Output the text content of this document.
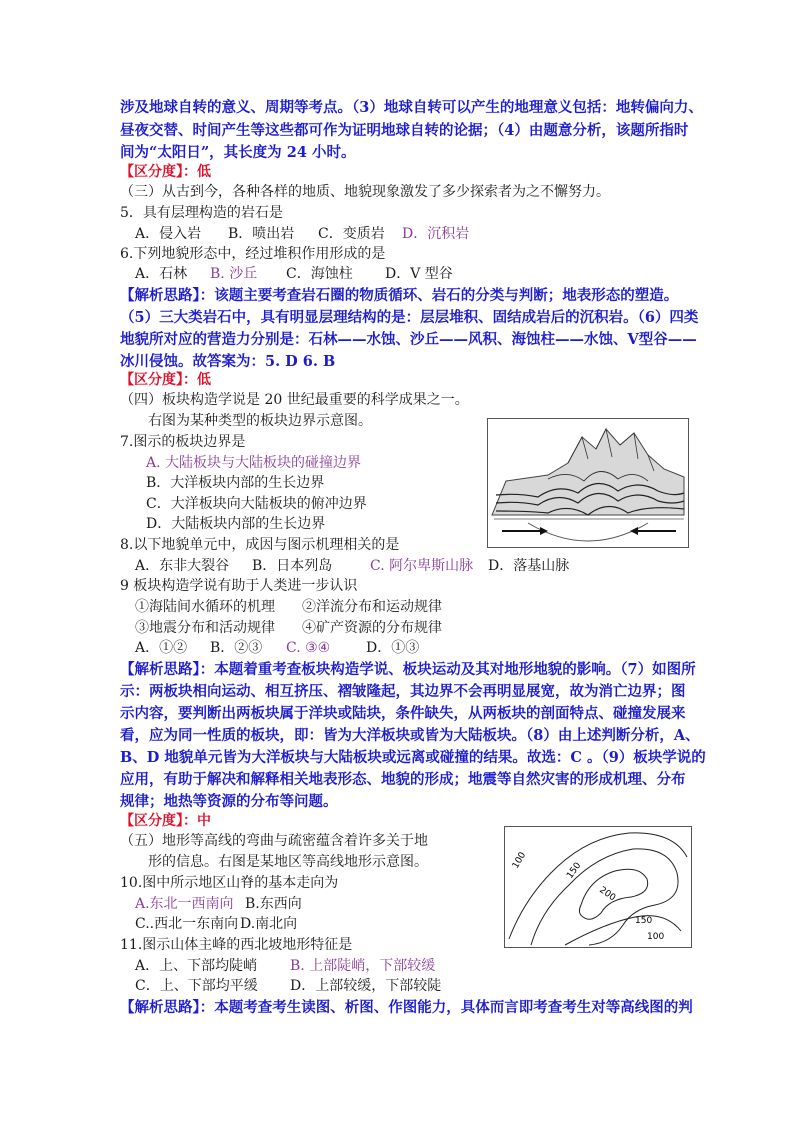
涉及地球自转的意义、周期等考点。（3）地球自转可以产生的地理意义包括：地转偏向力、
昼夜交替、时间产生等这些都可作为证明地球自转的论据；（4）由题意分析，该题所指时
间为“太阳日”，其长度为 24 小时。
【区分度】：低
（三）从古到今，各种各样的地质、地貌现象激发了多少探索者为之不懈努力。
5．具有层理构造的岩石是
A．侵入岩 B．喷出岩 C．变质岩 D．沉积岩
6.下列地貌形态中，经过堆积作用形成的是
A．石林 B. 沙丘 C．海蚀柱 D．V 型谷
【解析思路】：该题主要考查岩石圈的物质循环、岩石的分类与判断；地表形态的塑造。
（5）三大类岩石中，具有明显层理结构的是：层层堆积、固结成岩后的沉积岩。（6）四类
地貌所对应的营造力分别是：石林——水蚀、沙丘——风积、海蚀柱——水蚀、V型谷——
冰川侵蚀。故答案为：5. D 6. B
【区分度】：低
（四）板块构造学说是 20 世纪最重要的科学成果之一。
右图为某种类型的板块边界示意图。
7.图示的板块边界是
A. 大陆板块与大陆板块的碰撞边界
B．大洋板块内部的生长边界
C．大洋板块向大陆板块的俯冲边界
D．大陆板块内部的生长边界
8.以下地貌单元中，成因与图示机理相关的是
A．东非大裂谷 B．日本列岛	C. 阿尔卑斯山脉 D．落基山脉
9 板块构造学说有助于人类进一步认识
①海陆间水循环的机理 ②洋流分布和运动规律
③地震分布和活动规律 ④矿产资源的分布规律
A．①② B．②③ C. ③④	D．①③
【解析思路】：本题着重考查板块构造学说、板块运动及其对地形地貌的影响。（7）如图所
示：两板块相向运动、相互挤压、褶皱隆起，其边界不会再明显展宽，故为消亡边界；图
示内容，要判断出两板块属于洋块或陆块，条件缺失，从两板块的剖面特点、碰撞发展来
看，应为同一性质的板块，即：皆为大洋板块或皆为大陆板块。（8）由上述判断分析，A、
B、D 地貌单元皆为大洋板块与大陆板块或远离或碰撞的结果。故选：C 。（9）板块学说的
应用，有助于解决和解释相关地表形态、地貌的形成；地震等自然灾害的形成机理、分布
规律；地热等资源的分布等问题。
【区分度】：中
（五）地形等高线的弯曲与疏密蕴含着许多关于地
形的信息。右图是某地区等高线地形示意图。
10.图中所示地区山脊的基本走向为
A.东北一西南向 B.东西向
C..西北一东南向 D.南北向
100
150
200
150
100
11.图示山体主峰的西北坡地形特征是
A．上、下部均陡峭 B. 上部陡峭，下部较缓
C．上、下部均平缓 D．上部较缓，下部较陡
【解析思路】：本题考查考生读图、析图、作图能力，具体而言即考查考生对等高线图的判
